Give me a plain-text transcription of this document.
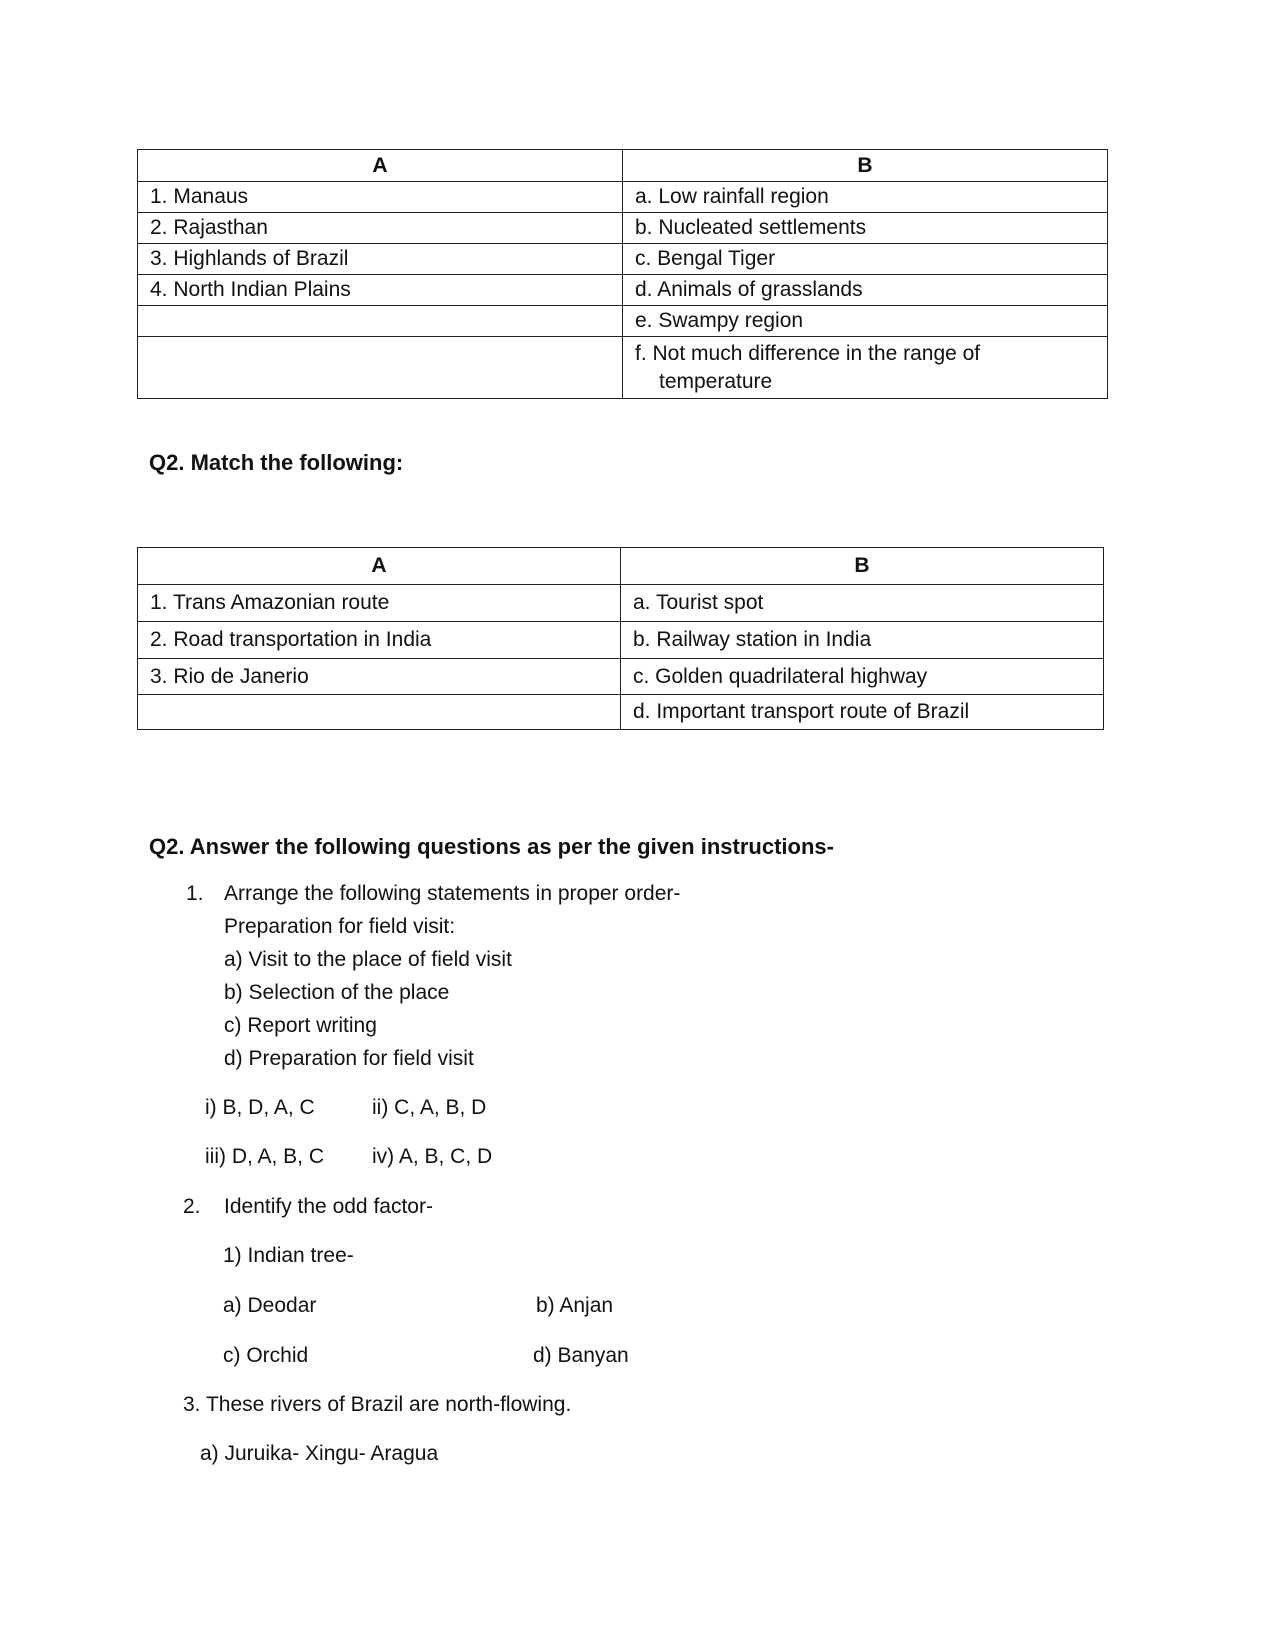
A	B
1. Manaus	a. Low rainfall region
2. Rajasthan	b. Nucleated settlements
3. Highlands of Brazil	c. Bengal Tiger
4. North Indian Plains	d. Animals of grasslands
	e. Swampy region

	f. Not much difference in the range of temperature
Q2. Match the following:
A	B
1. Trans Amazonian route	a. Tourist spot
2. Road transportation in India	b. Railway station in India
3. Rio de Janerio	c. Golden quadrilateral highway
	d. Important transport route of Brazil
Q2. Answer the following questions as per the given instructions-
1. Arrange the following statements in proper order-
Preparation for field visit:
a) Visit to the place of field visit
b) Selection of the place
c) Report writing
d) Preparation for field visit
i) B, D, A, C	ii) C, A, B, D
iii) D, A, B, C iv) A, B, C, D
2. Identify the odd factor-
1) Indian tree-
a) Deodar	b) Anjan
c) Orchid	d) Banyan
3. These rivers of Brazil are north-flowing.
a) Juruika- Xingu- Aragua
